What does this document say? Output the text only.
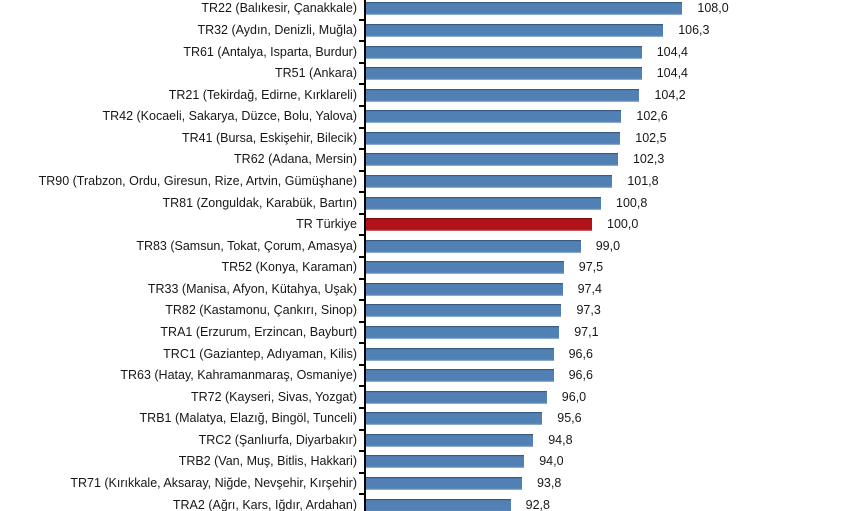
TR22 (Balıkesir, Çanakkale)	108,0
TR32 (Aydın, Denizli, Muğla)	106,3
TR61 (Antalya, Isparta, Burdur)	104,4
TR51 (Ankara)	104,4
TR21 (Tekirdağ, Edirne, Kırklareli)	104,2
TR42 (Kocaeli, Sakarya, Düzce, Bolu, Yalova)	102,6
TR41 (Bursa, Eskişehir, Bilecik)	102,5
TR62 (Adana, Mersin)	102,3
TR90 (Trabzon, Ordu, Giresun, Rize, Artvin, Gümüşhane)	101,8
TR81 (Zonguldak, Karabük, Bartın)	100,8
TR Türkiye	100,0
TR83 (Samsun, Tokat, Çorum, Amasya)	99,0
TR52 (Konya, Karaman)	97,5
TR33 (Manisa, Afyon, Kütahya, Uşak)	97,4
TR82 (Kastamonu, Çankırı, Sinop)	97,3
TRA1 (Erzurum, Erzincan, Bayburt)	97,1
TRC1 (Gaziantep, Adıyaman, Kilis)	96,6
TR63 (Hatay, Kahramanmaraş, Osmaniye)	96,6
TR72 (Kayseri, Sivas, Yozgat)	96,0
TRB1 (Malatya, Elazığ, Bingöl, Tunceli)	95,6
TRC2 (Şanlıurfa, Diyarbakır)	94,8
TRB2 (Van, Muş, Bitlis, Hakkari)	94,0
TR71 (Kırıkkale, Aksaray, Niğde, Nevşehir, Kırşehir)	93,8
TRA2 (Ağrı, Kars, Iğdır, Ardahan)	92,8
